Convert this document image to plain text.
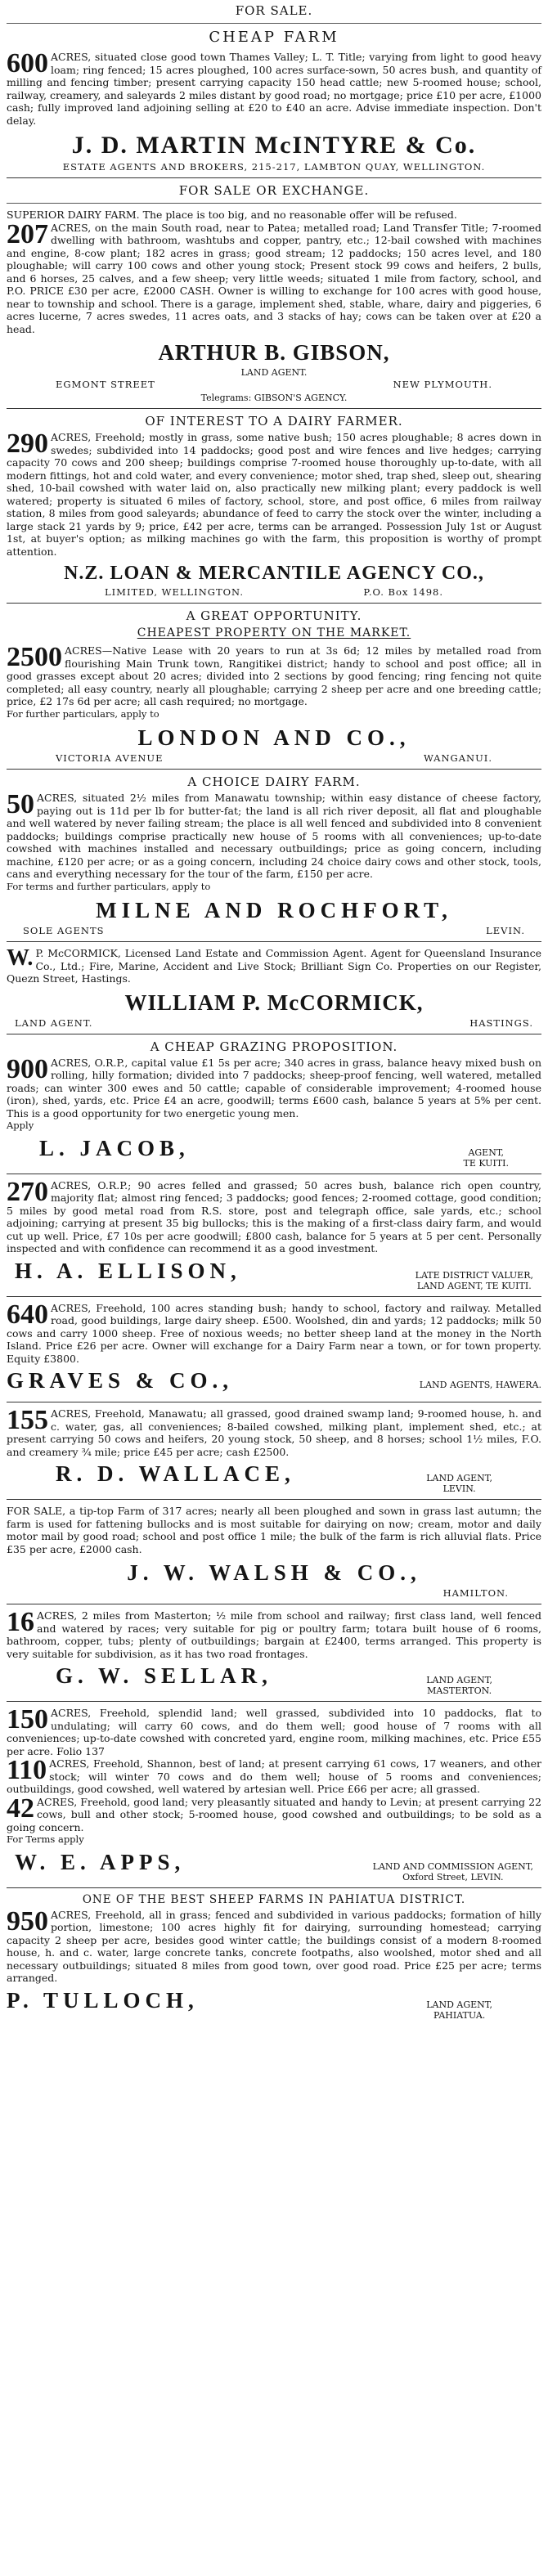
FOR SALE.
CHEAP FARM

600 ACRES, situated close good town Thames Valley; L. T. Title; varying from light to good heavy loam; ring fenced; 15 acres ploughed, 100 acres surface-sown, 50 acres bush, and quantity of milling and fencing timber; present carrying capacity 150 head cattle; new 5-roomed house; school, railway, creamery, and saleyards 2 miles distant by good road; no mortgage; price £10 per acre, £1000 cash; fully improved land adjoining selling at £20 to £40 an acre. Advise immediate inspection. Don't delay.

J. D. MARTIN McINTYRE & Co.
ESTATE AGENTS AND BROKERS, 215-217, LAMBTON QUAY, WELLINGTON.
FOR SALE OR EXCHANGE.

SUPERIOR DAIRY FARM. The place is too big, and no reasonable offer will be refused.

207 ACRES, on the main South road, near to Patea; metalled road; Land Transfer Title; 7-roomed dwelling with bathroom, washtubs and copper, pantry, etc.; 12-bail cowshed with machines and engine, 8-cow plant; 182 acres in grass; good stream; 12 paddocks; 150 acres level, and 180 ploughable; will carry 100 cows and other young stock; Present stock 99 cows and heifers, 2 bulls, and 6 horses, 25 calves, and a few sheep; very little weeds; situated 1 mile from factory, school, and P.O. PRICE £30 per acre, £2000 CASH. Owner is willing to exchange for 100 acres with good house, near to township and school. There is a garage, implement shed, stable, whare, dairy and piggeries, 6 acres lucerne, 7 acres swedes, 11 acres oats, and 3 stacks of hay; cows can be taken over at £20 a head.

ARTHUR B. GIBSON,
LAND AGENT.
EGMONT STREET	NEW PLYMOUTH.
Telegrams: GIBSON'S AGENCY.
OF INTEREST TO A DAIRY FARMER.

290 ACRES, Freehold; mostly in grass, some native bush; 150 acres ploughable; 8 acres down in swedes; subdivided into 14 paddocks; good post and wire fences and live hedges; carrying capacity 70 cows and 200 sheep; buildings comprise 7-roomed house thoroughly up-to-date, with all modern fittings, hot and cold water, and every convenience; motor shed, trap shed, sleep out, shearing shed, 10-bail cowshed with water laid on, also practically new milking plant; every paddock is well watered; property is situated 6 miles of factory, school, store, and post office, 6 miles from railway station, 8 miles from good saleyards; abundance of feed to carry the stock over the winter, including a large stack 21 yards by 9; price, £42 per acre, terms can be arranged. Possession July 1st or August 1st, at buyer's option; as milking machines go with the farm, this proposition is worthy of prompt attention.

N.Z. LOAN & MERCANTILE AGENCY CO.,
LIMITED, WELLINGTON.	P.O. Box 1498.
A GREAT OPPORTUNITY.
CHEAPEST PROPERTY ON THE MARKET.

2500 ACRES—Native Lease with 20 years to run at 3s 6d; 12 miles by metalled road from flourishing Main Trunk town, Rangitikei district; handy to school and post office; all in good grasses except about 20 acres; divided into 2 sections by good fencing; ring fencing not quite completed; all easy country, nearly all ploughable; carrying 2 sheep per acre and one breeding cattle; price, £2 17s 6d per acre; all cash required; no mortgage.

For further particulars, apply to

LONDON AND CO.,
VICTORIA AVENUE	WANGANUI.
A CHOICE DAIRY FARM.

50 ACRES, situated 2½ miles from Manawatu township; within easy distance of cheese factory, paying out is 11d per lb for butter-fat; the land is all rich river deposit, all flat and ploughable and well watered by never failing stream; the place is all well fenced and subdivided into 8 convenient paddocks; buildings comprise practically new house of 5 rooms with all conveniences; up-to-date cowshed with machines installed and necessary outbuildings; price as going concern, including machine, £120 per acre; or as a going concern, including 24 choice dairy cows and other stock, tools, cans and everything necessary for the tour of the farm, £150 per acre.

For terms and further particulars, apply to

MILNE AND ROCHFORT,
SOLE AGENTS	LEVIN.

W. P. McCORMICK, Licensed Land Estate and Commission Agent. Agent for Queensland Insurance Co., Ltd.; Fire, Marine, Accident and Live Stock; Brilliant Sign Co. Properties on our Register, Quezn Street, Hastings.

WILLIAM P. McCORMICK,
LAND AGENT.	HASTINGS.
A CHEAP GRAZING PROPOSITION.

900 ACRES, O.R.P., capital value £1 5s per acre; 340 acres in grass, balance heavy mixed bush on rolling, hilly formation; divided into 7 paddocks; sheep-proof fencing, well watered, metalled roads; can winter 300 ewes and 50 cattle; capable of considerable improvement; 4-roomed house (iron), shed, yards, etc. Price £4 an acre, goodwill; terms £600 cash, balance 5 years at 5% per cent. This is a good opportunity for two energetic young men.

Apply

L. JACOB,	AGENT,
TE KUITI.

270 ACRES, O.R.P.; 90 acres felled and grassed; 50 acres bush, balance rich open country, majority flat; almost ring fenced; 3 paddocks; good fences; 2-roomed cottage, good condition; 5 miles by good metal road from R.S. store, post and telegraph office, sale yards, etc.; school adjoining; carrying at present 35 big bullocks; this is the making of a first-class dairy farm, and would cut up well. Price, £7 10s per acre goodwill; £800 cash, balance for 5 years at 5 per cent. Personally inspected and with confidence can recommend it as a good investment.

H. A. ELLISON,	LATE DISTRICT VALUER,
LAND AGENT, TE KUITI.

640 ACRES, Freehold, 100 acres standing bush; handy to school, factory and railway. Metalled road, good buildings, large dairy sheep. £500. Woolshed, din and yards; 12 paddocks; milk 50 cows and carry 1000 sheep. Free of noxious weeds; no better sheep land at the money in the North Island. Price £26 per acre. Owner will exchange for a Dairy Farm near a town, or for town property. Equity £3800.

GRAVES & CO.,	LAND AGENTS, HAWERA.

155 ACRES, Freehold, Manawatu; all grassed, good drained swamp land; 9-roomed house, h. and c. water, gas, all conveniences; 8-bailed cowshed, milking plant, implement shed, etc.; at present carrying 50 cows and heifers, 20 young stock, 50 sheep, and 8 horses; school 1½ miles, F.O. and creamery ¾ mile; price £45 per acre; cash £2500.

R. D. WALLACE,	LAND AGENT,
LEVIN.

FOR SALE, a tip-top Farm of 317 acres; nearly all been ploughed and sown in grass last autumn; the farm is used for fattening bullocks and is most suitable for dairying on now; cream, motor and daily motor mail by good road; school and post office 1 mile; the bulk of the farm is rich alluvial flats. Price £35 per acre, £2000 cash.

J. W. WALSH & CO.,
HAMILTON.

16 ACRES, 2 miles from Masterton; ½ mile from school and railway; first class land, well fenced and watered by races; very suitable for pig or poultry farm; totara built house of 6 rooms, bathroom, copper, tubs; plenty of outbuildings; bargain at £2400, terms arranged. This property is very suitable for subdivision, as it has two road frontages.

G. W. SELLAR,	LAND AGENT,
MASTERTON.

150 ACRES, Freehold, splendid land; well grassed, subdivided into 10 paddocks, flat to undulating; will carry 60 cows, and do them well; good house of 7 rooms with all conveniences; up-to-date cowshed with concreted yard, engine room, milking machines, etc. Price £55 per acre. Folio 137

110 ACRES, Freehold, Shannon, best of land; at present carrying 61 cows, 17 weaners, and other stock; will winter 70 cows and do them well; house of 5 rooms and conveniences; outbuildings, good cowshed, well watered by artesian well. Price £66 per acre; all grassed.

42 ACRES, Freehold, good land; very pleasantly situated and handy to Levin; at present carrying 22 cows, bull and other stock; 5-roomed house, good cowshed and outbuildings; to be sold as a going concern.

For Terms apply

W. E. APPS,	LAND AND COMMISSION AGENT,
Oxford Street, LEVIN.
ONE OF THE BEST SHEEP FARMS IN PAHIATUA DISTRICT.

950 ACRES, Freehold, all in grass; fenced and subdivided in various paddocks; formation of hilly portion, limestone; 100 acres highly fit for dairying, surrounding homestead; carrying capacity 2 sheep per acre, besides good winter cattle; the buildings consist of a modern 8-roomed house, h. and c. water, large concrete tanks, concrete footpaths, also woolshed, motor shed and all necessary outbuildings; situated 8 miles from good town, over good road. Price £25 per acre; terms arranged.

P. TULLOCH,	LAND AGENT,
PAHIATUA.
